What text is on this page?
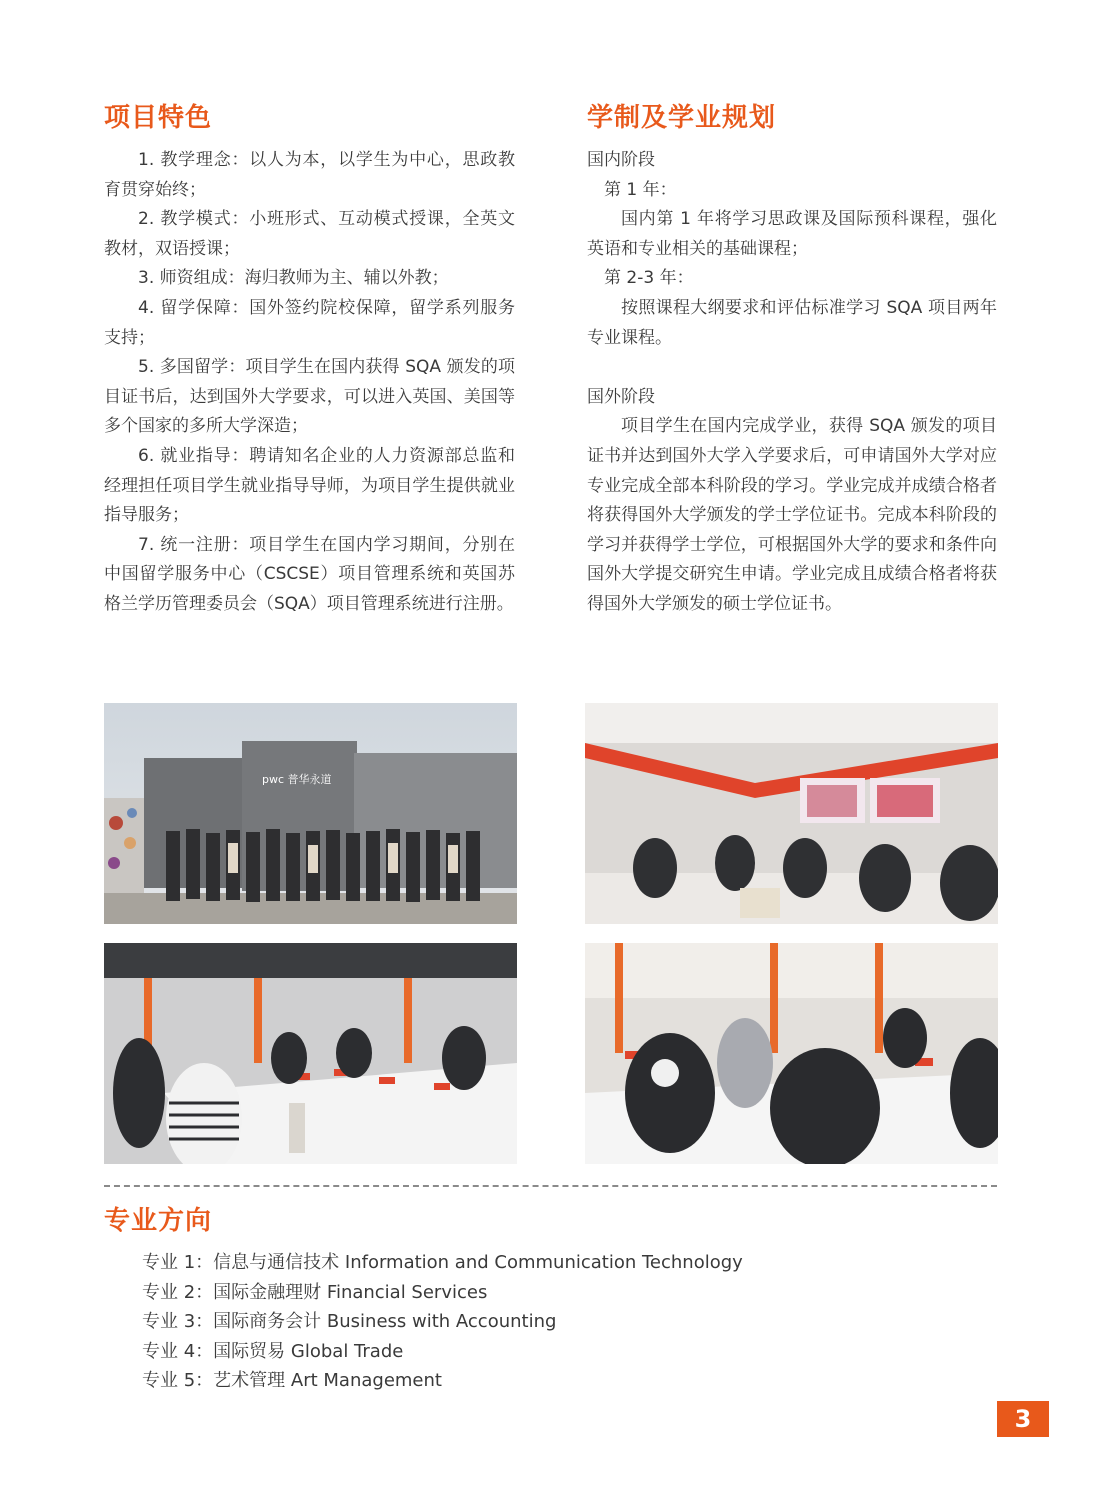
项目特色

1. 教学理念：以人为本，以学生为中心，思政教育贯穿始终；

2. 教学模式：小班形式、互动模式授课，全英文教材，双语授课；

3. 师资组成：海归教师为主、辅以外教；

4. 留学保障：国外签约院校保障，留学系列服务支持；

5. 多国留学：项目学生在国内获得 SQA 颁发的项目证书后，达到国外大学要求，可以进入英国、美国等多个国家的多所大学深造；

6. 就业指导：聘请知名企业的人力资源部总监和经理担任项目学生就业指导导师，为项目学生提供就业指导服务；

7. 统一注册：项目学生在国内学习期间，分别在中国留学服务中心（CSCSE）项目管理系统和英国苏格兰学历管理委员会（SQA）项目管理系统进行注册。

学制及学业规划

国内阶段

第 1 年：

国内第 1 年将学习思政课及国际预科课程，强化英语和专业相关的基础课程；

第 2-3 年：

按照课程大纲要求和评估标准学习 SQA 项目两年专业课程。

国外阶段

项目学生在国内完成学业，获得 SQA 颁发的项目证书并达到国外大学入学要求后，可申请国外大学对应专业完成全部本科阶段的学习。学业完成并成绩合格者将获得国外大学颁发的学士学位证书。完成本科阶段的学习并获得学士学位，可根据国外大学的要求和条件向国外大学提交研究生申请。学业完成且成绩合格者将获得国外大学颁发的硕士学位证书。

pwc 普华永道
专业方向
专业 1：信息与通信技术 Information and Communication Technology
专业 2：国际金融理财 Financial Services
专业 3：国际商务会计 Business with Accounting
专业 4：国际贸易 Global Trade
专业 5：艺术管理 Art Management
3
